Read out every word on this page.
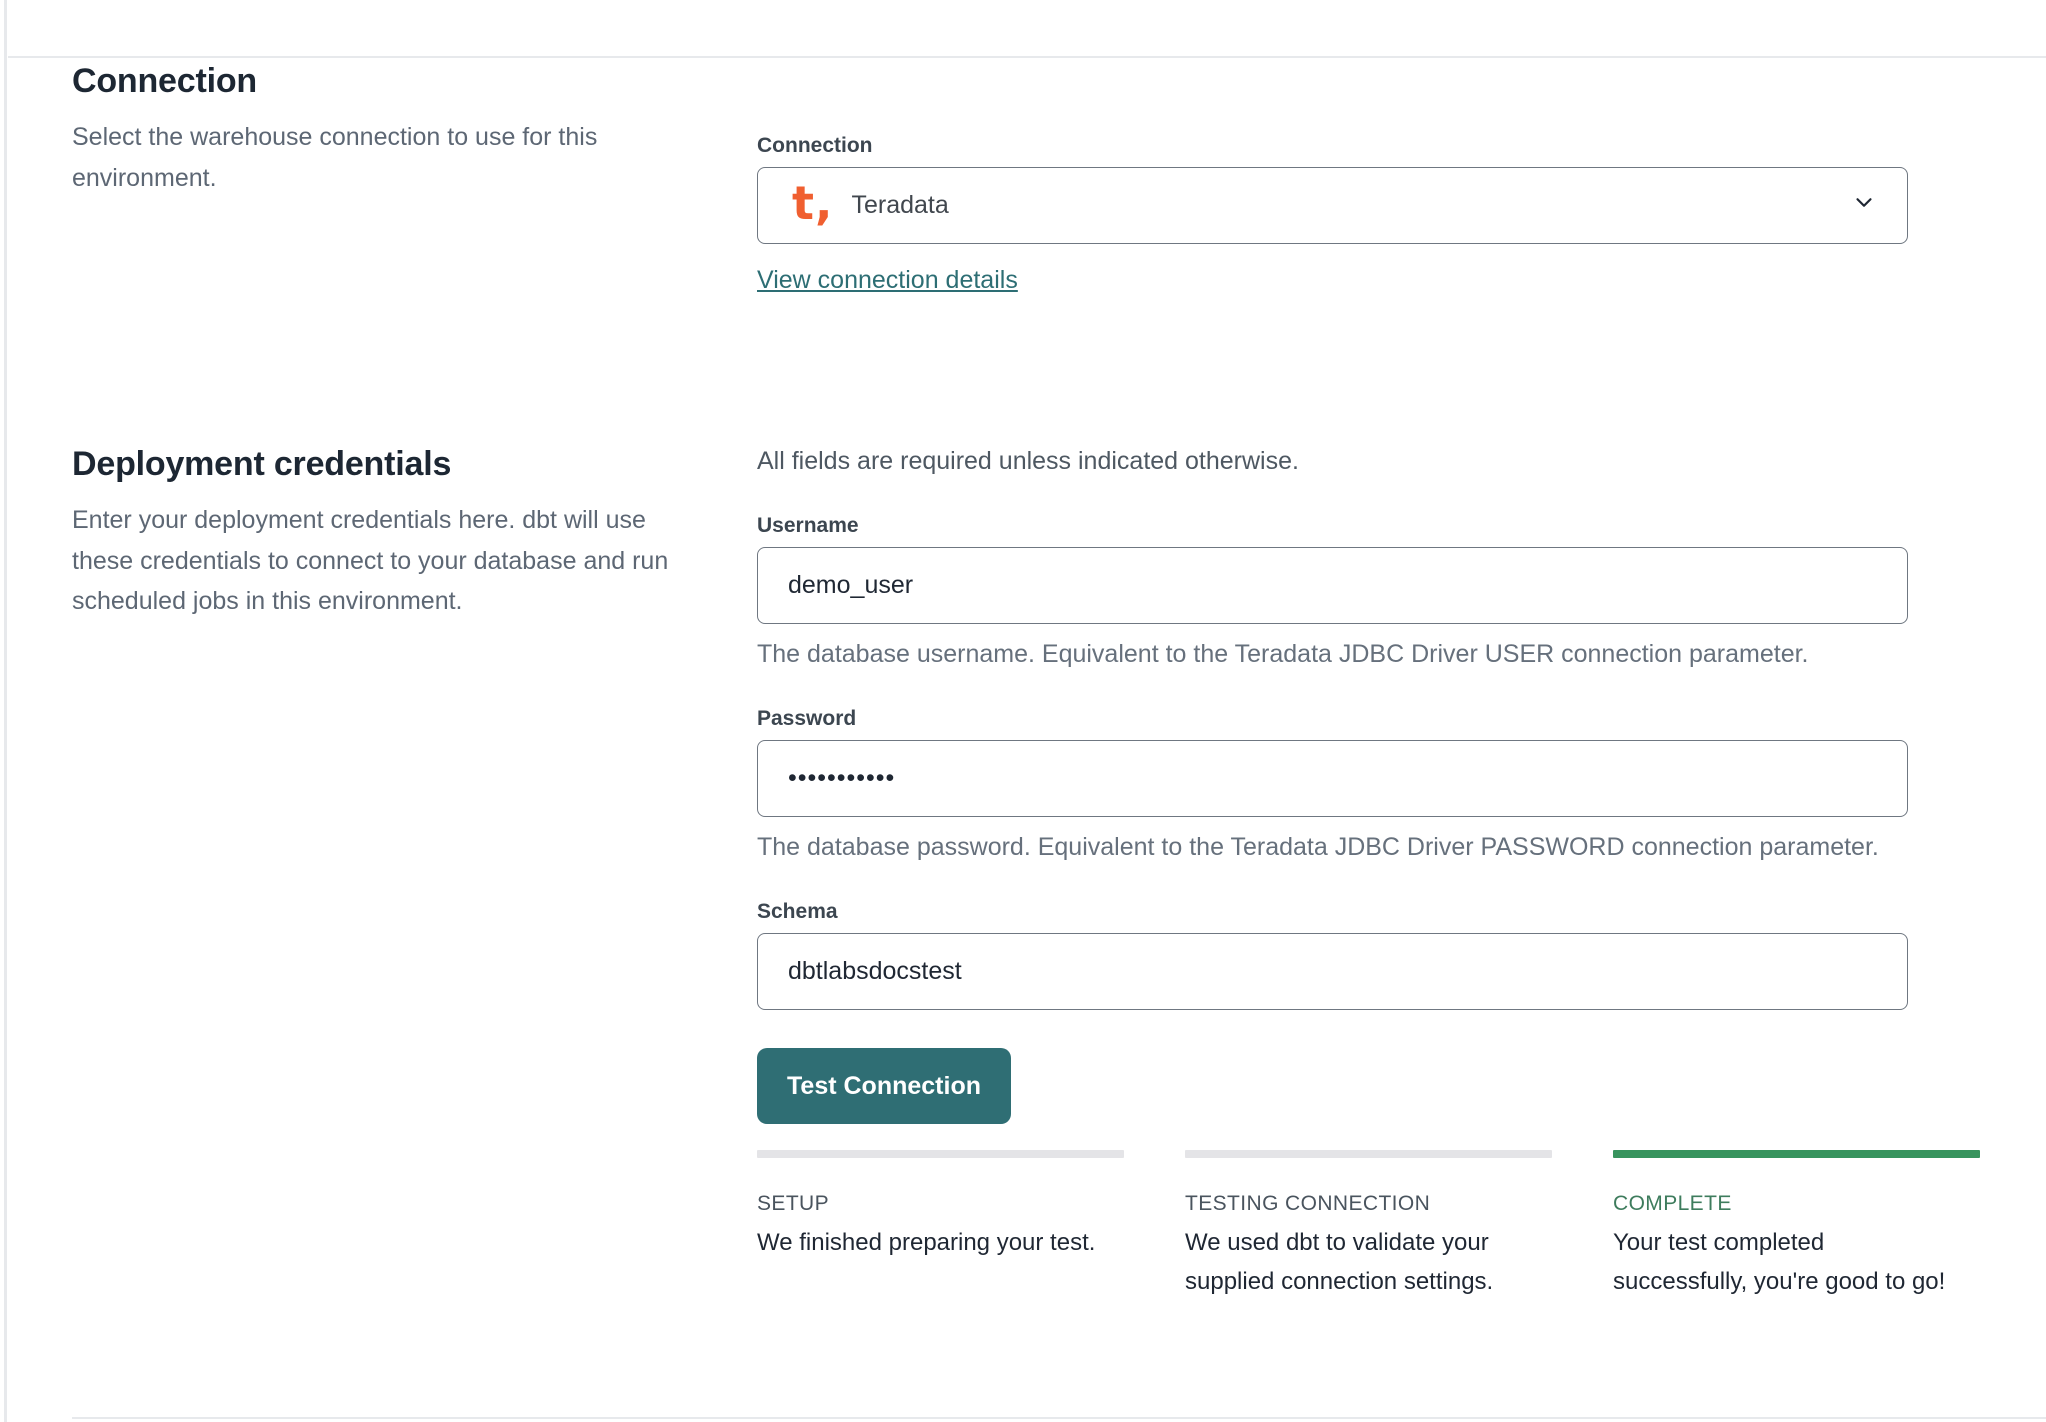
Connection

Select the warehouse connection to use for this environment.

Connection
t, Teradata
View connection details
Deployment credentials

Enter your deployment credentials here. dbt will use these credentials to connect to your database and run scheduled jobs in this environment.

All fields are required unless indicated otherwise.

Username
demo_user

The database username. Equivalent to the Teradata JDBC Driver USER connection parameter.

Password
•••••••••••

The database password. Equivalent to the Teradata JDBC Driver PASSWORD connection parameter.

Schema
dbtlabsdocstest Test Connection
SETUP
We finished preparing your test.
TESTING CONNECTION
We used dbt to validate your supplied connection settings.
COMPLETE
Your test completed successfully, you're good to go!
